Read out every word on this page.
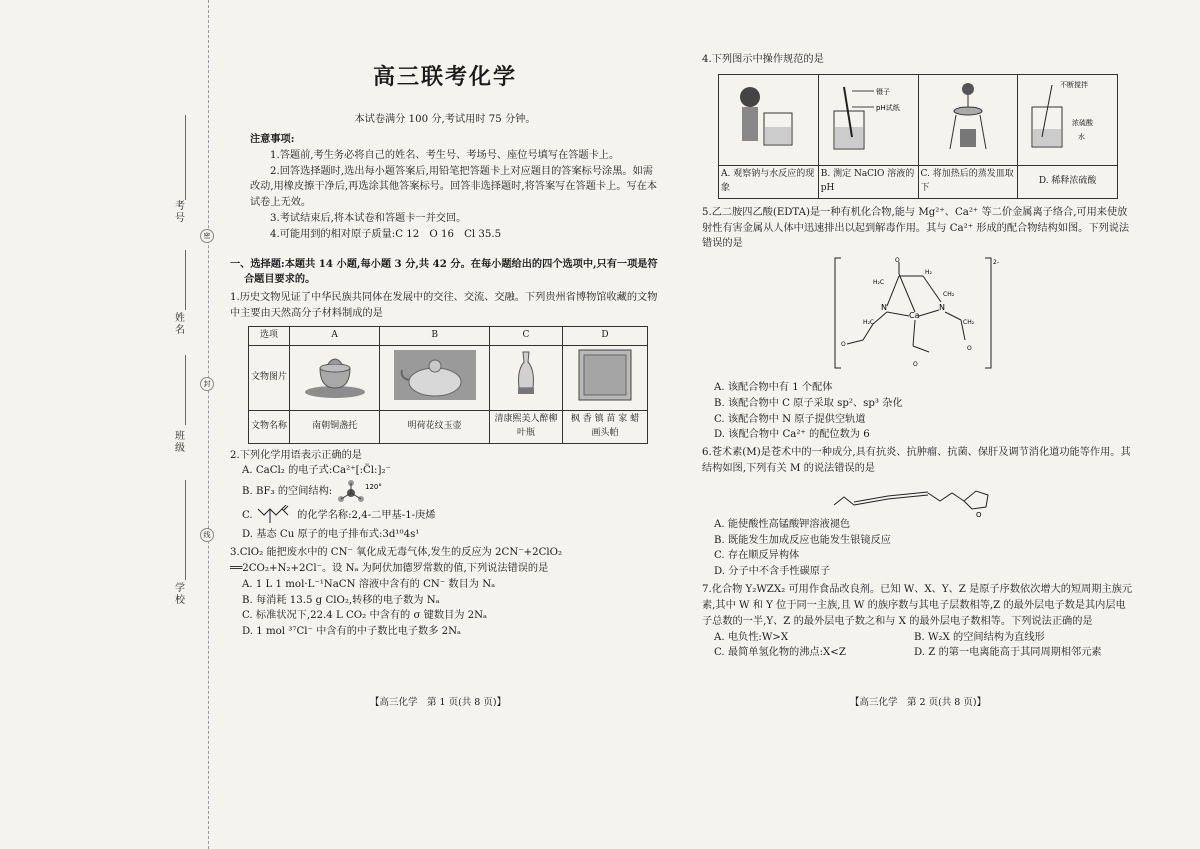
考号
密
姓名
封
班级
线
学校
高三联考化学

本试卷满分 100 分,考试用时 75 分钟。

注意事项:

1.答题前,考生务必将自己的姓名、考生号、考场号、座位号填写在答题卡上。

2.回答选择题时,选出每小题答案后,用铅笔把答题卡上对应题目的答案标号涂黑。如需改动,用橡皮擦干净后,再选涂其他答案标号。回答非选择题时,将答案写在答题卡上。写在本试卷上无效。

3.考试结束后,将本试卷和答题卡一并交回。

4.可能用到的相对原子质量:C 12　O 16　Cl 35.5

一、选择题:本题共 14 小题,每小题 3 分,共 42 分。在每小题给出的四个选项中,只有一项是符合题目要求的。

1.历史文物见证了中华民族共同体在发展中的交往、交流、交融。下列贵州省博物馆收藏的文物中主要由天然高分子材料制成的是

选项	A	B	C	D
文物图片				
文物名称	南朝铜盏托	明荷花纹玉壶	清康熙美人醉柳叶瓶	枫 香 镇 苗 家 蜡 画头帕

2.下列化学用语表示正确的是

A. CaCl₂ 的电子式:Ca²⁺[:C̈l:]₂⁻

B. BF₃ 的空间结构:	120°

C.	的化学名称:2,4-二甲基-1-庚烯

D. 基态 Cu 原子的电子排布式:3d¹⁰4s¹

3.ClO₂ 能把废水中的 CN⁻ 氧化成无毒气体,发生的反应为 2CN⁻+2ClO₂ ══2CO₂+N₂+2Cl⁻。设 Nₐ 为阿伏加德罗常数的值,下列说法错误的是

A. 1 L 1 mol·L⁻¹NaCN 溶液中含有的 CN⁻ 数目为 Nₐ

B. 每消耗 13.5 g ClO₂,转移的电子数为 Nₐ

C. 标准状况下,22.4 L CO₂ 中含有的 σ 键数目为 2Nₐ

D. 1 mol ³⁷Cl⁻ 中含有的中子数比电子数多 2Nₐ

【高三化学　第 1 页(共 8 页)】

4.下列图示中操作规范的是

镊子
pH试纸		不断搅拌
浓硫酸
水

A. 观察钠与水反应的现象	B. 测定 NaClO 溶液的 pH	C. 将加热后的蒸发皿取下	D. 稀释浓硫酸

5.乙二胺四乙酸(EDTA)是一种有机化合物,能与 Mg²⁺、Ca²⁺ 等二价金属离子络合,可用来使放射性有害金属从人体中迅速排出以起到解毒作用。其与 Ca²⁺ 形成的配合物结构如图。下列说法错误的是

2-
Ca
N	N
O
H₂C
H₂
CH₂
H₂C
O
CH₂
O
O

A. 该配合物中有 1 个配体

B. 该配合物中 C 原子采取 sp²、sp³ 杂化

C. 该配合物中 N 原子提供空轨道

D. 该配合物中 Ca²⁺ 的配位数为 6

6.苍术素(M)是苍术中的一种成分,具有抗炎、抗肿瘤、抗菌、保肝及调节消化道功能等作用。其结构如图,下列有关 M 的说法错误的是

O

A. 能使酸性高锰酸钾溶液褪色

B. 既能发生加成反应也能发生银镜反应

C. 存在顺反异构体

D. 分子中不含手性碳原子

7.化合物 Y₂WZX₂ 可用作食品改良剂。已知 W、X、Y、Z 是原子序数依次增大的短周期主族元素,其中 W 和 Y 位于同一主族,且 W 的族序数与其电子层数相等,Z 的最外层电子数是其内层电子总数的一半,Y、Z 的最外层电子数之和与 X 的最外层电子数相等。下列说法正确的是

A. 电负性:W>X	B. W₂X 的空间结构为直线形
C. 最简单氢化物的沸点:X<Z	D. Z 的第一电离能高于其同周期相邻元素
【高三化学　第 2 页(共 8 页)】
